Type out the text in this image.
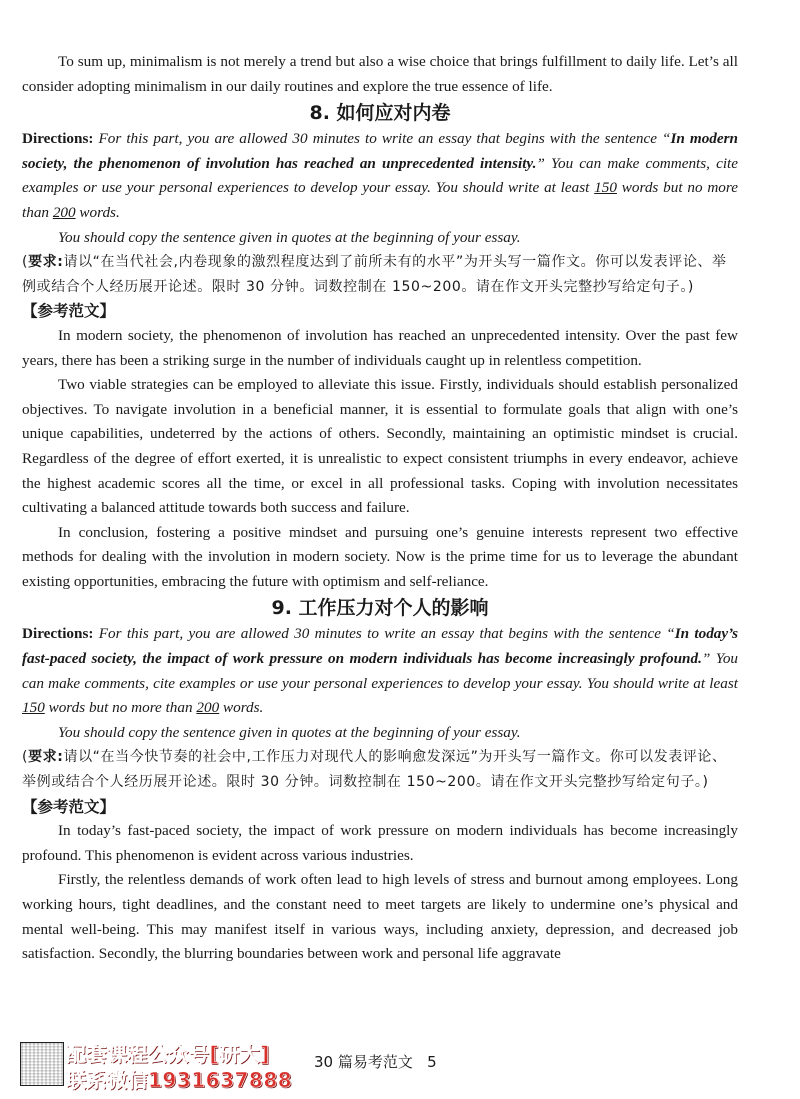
To sum up, minimalism is not merely a trend but also a wise choice that brings fulfillment to daily life. Let’s all consider adopting minimalism in our daily routines and explore the true essence of life.

8. 如何应对内卷

Directions: For this part, you are allowed 30 minutes to write an essay that begins with the sentence “In modern society, the phenomenon of involution has reached an unprecedented intensity.” You can make comments, cite examples or use your personal experiences to develop your essay. You should write at least 150 words but no more than 200 words.

You should copy the sentence given in quotes at the beginning of your essay.

(要求:请以“在当代社会,内卷现象的激烈程度达到了前所未有的水平”为开头写一篇作文。你可以发表评论、举例或结合个人经历展开论述。限时 30 分钟。词数控制在 150~200。请在作文开头完整抄写给定句子。)

【参考范文】

In modern society, the phenomenon of involution has reached an unprecedented intensity. Over the past few years, there has been a striking surge in the number of individuals caught up in relentless competition.

Two viable strategies can be employed to alleviate this issue. Firstly, individuals should establish personalized objectives. To navigate involution in a beneficial manner, it is essential to formulate goals that align with one’s unique capabilities, undeterred by the actions of others. Secondly, maintaining an optimistic mindset is crucial. Regardless of the degree of effort exerted, it is unrealistic to expect consistent triumphs in every endeavor, achieve the highest academic scores all the time, or excel in all professional tasks. Coping with involution necessitates cultivating a balanced attitude towards both success and failure.

In conclusion, fostering a positive mindset and pursuing one’s genuine interests represent two effective methods for dealing with the involution in modern society. Now is the prime time for us to leverage the abundant existing opportunities, embracing the future with optimism and self-reliance.

9. 工作压力对个人的影响

Directions: For this part, you are allowed 30 minutes to write an essay that begins with the sentence “In today’s fast-paced society, the impact of work pressure on modern individuals has become increasingly profound.” You can make comments, cite examples or use your personal experiences to develop your essay. You should write at least 150 words but no more than 200 words.

You should copy the sentence given in quotes at the beginning of your essay.

(要求:请以“在当今快节奏的社会中,工作压力对现代人的影响愈发深远”为开头写一篇作文。你可以发表评论、举例或结合个人经历展开论述。限时 30 分钟。词数控制在 150~200。请在作文开头完整抄写给定句子。)

【参考范文】

In today’s fast-paced society, the impact of work pressure on modern individuals has become increasingly profound. This phenomenon is evident across various industries.

Firstly, the relentless demands of work often lead to high levels of stress and burnout among employees. Long working hours, tight deadlines, and the constant need to meet targets are likely to undermine one’s physical and mental well-being. This may manifest itself in various ways, including anxiety, depression, and decreased job satisfaction. Secondly, the blurring boundaries between work and personal life aggravate

配套课程公众号[研大]
联系微信1931637888
30 篇易考范文 5
